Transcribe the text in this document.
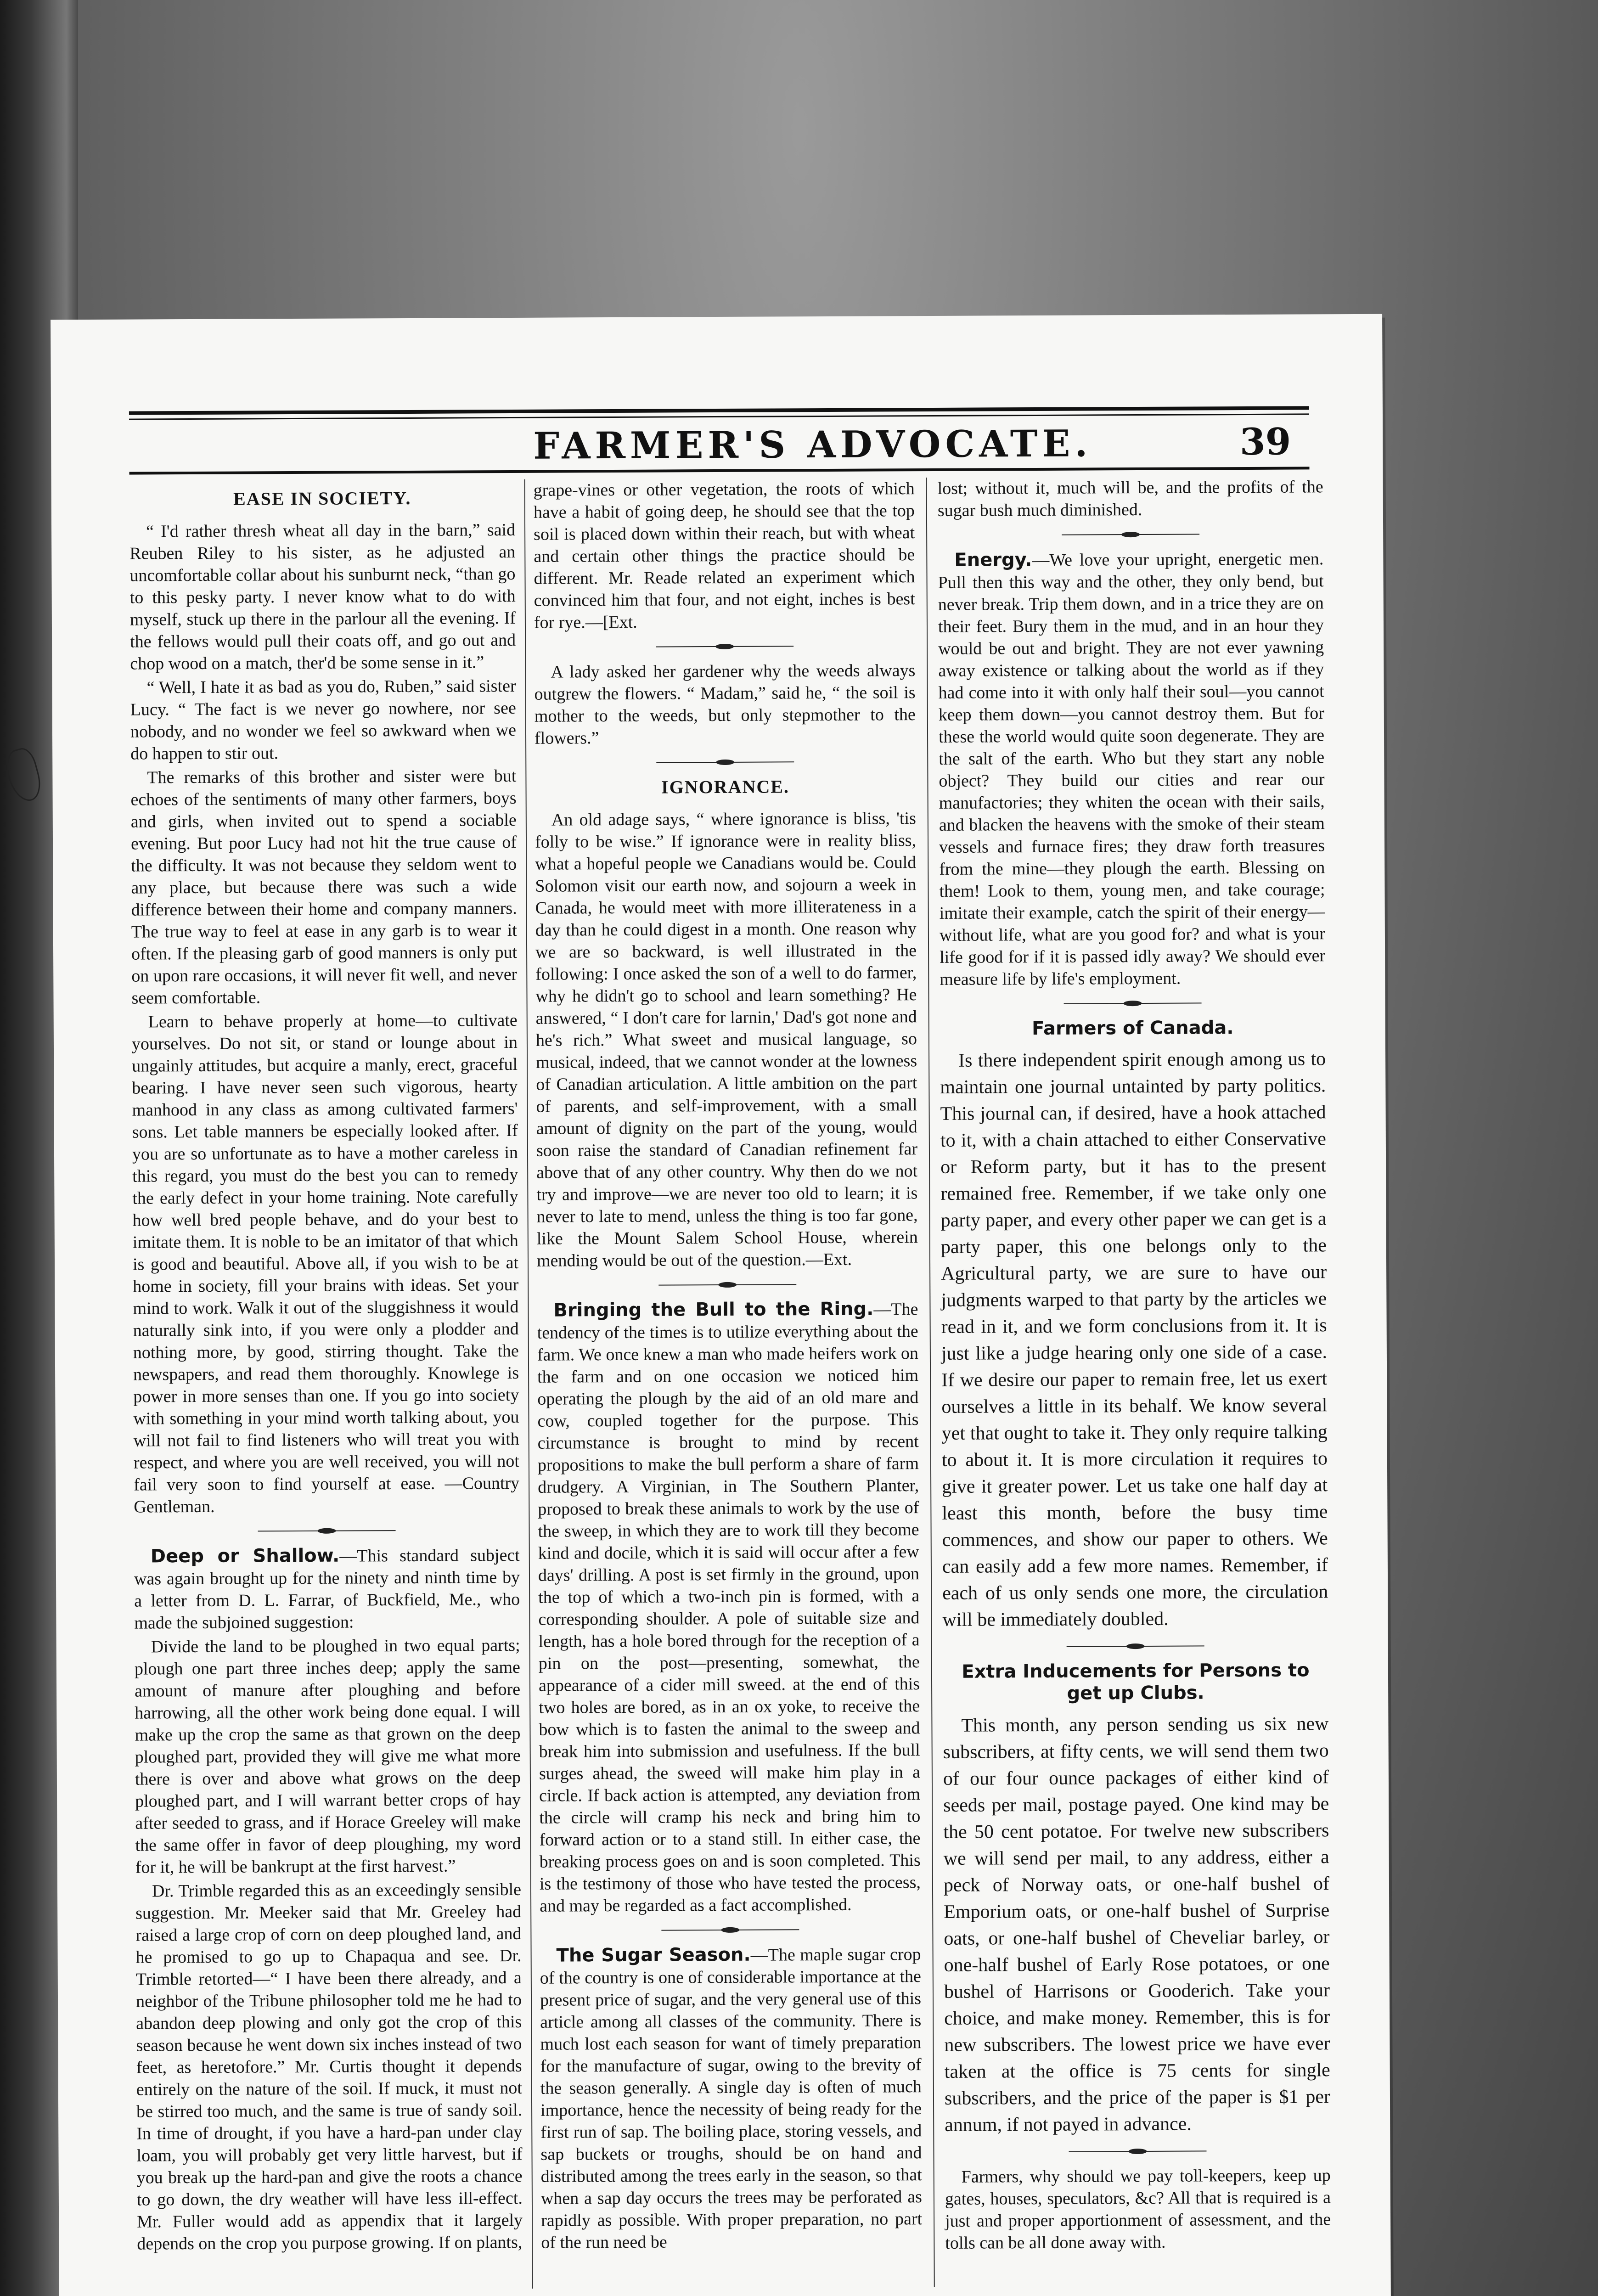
FARMER'S ADVOCATE.	39
EASE IN SOCIETY.

“ I'd rather thresh wheat all day in the barn,” said Reuben Riley to his sister, as he adjusted an uncomfortable collar about his sunburnt neck, “than go to this pesky party. I never know what to do with myself, stuck up there in the parlour all the evening. If the fellows would pull their coats off, and go out and chop wood on a match, ther'd be some sense in it.”

“ Well, I hate it as bad as you do, Ruben,” said sister Lucy. “ The fact is we never go nowhere, nor see nobody, and no wonder we feel so awkward when we do happen to stir out.

The remarks of this brother and sister were but echoes of the sentiments of many other farmers, boys and girls, when invited out to spend a sociable evening. But poor Lucy had not hit the true cause of the difficulty. It was not because they seldom went to any place, but because there was such a wide difference between their home and company manners. The true way to feel at ease in any garb is to wear it often. If the pleasing garb of good manners is only put on upon rare occasions, it will never fit well, and never seem comfortable.

Learn to behave properly at home—to cultivate yourselves. Do not sit, or stand or lounge about in ungainly attitudes, but acquire a manly, erect, graceful bearing. I have never seen such vigorous, hearty manhood in any class as among cultivated farmers' sons. Let table manners be especially looked after. If you are so unfortunate as to have a mother careless in this regard, you must do the best you can to remedy the early defect in your home training. Note carefully how well bred people behave, and do your best to imitate them. It is noble to be an imitator of that which is good and beautiful. Above all, if you wish to be at home in society, fill your brains with ideas. Set your mind to work. Walk it out of the sluggishness it would naturally sink into, if you were only a plodder and nothing more, by good, stirring thought. Take the newspapers, and read them thoroughly. Knowlege is power in more senses than one. If you go into society with something in your mind worth talking about, you will not fail to find listeners who will treat you with respect, and where you are well received, you will not fail very soon to find yourself at ease. —Country Gentleman.

Deep or Shallow.—This standard subject was again brought up for the ninety and ninth time by a letter from D. L. Farrar, of Buckfield, Me., who made the subjoined suggestion:

Divide the land to be ploughed in two equal parts; plough one part three inches deep; apply the same amount of manure after ploughing and before harrowing, all the other work being done equal. I will make up the crop the same as that grown on the deep ploughed part, provided they will give me what more there is over and above what grows on the deep ploughed part, and I will warrant better crops of hay after seeded to grass, and if Horace Greeley will make the same offer in favor of deep ploughing, my word for it, he will be bankrupt at the first harvest.”

Dr. Trimble regarded this as an exceedingly sensible suggestion. Mr. Meeker said that Mr. Greeley had raised a large crop of corn on deep ploughed land, and he promised to go up to Chapaqua and see. Dr. Trimble retorted—“ I have been there already, and a neighbor of the Tribune philosopher told me he had to abandon deep plowing and only got the crop of this season because he went down six inches instead of two feet, as heretofore.” Mr. Curtis thought it depends entirely on the nature of the soil. If muck, it must not be stirred too much, and the same is true of sandy soil. In time of drought, if you have a hard-pan under clay loam, you will probably get very little harvest, but if you break up the hard-pan and give the roots a chance to go down, the dry weather will have less ill-effect. Mr. Fuller would add as appendix that it largely depends on the crop you purpose growing. If on plants,

grape-vines or other vegetation, the roots of which have a habit of going deep, he should see that the top soil is placed down within their reach, but with wheat and certain other things the practice should be different. Mr. Reade related an experiment which convinced him that four, and not eight, inches is best for rye.—[Ext.

A lady asked her gardener why the weeds always outgrew the flowers. “ Madam,” said he, “ the soil is mother to the weeds, but only stepmother to the flowers.”

IGNORANCE.

An old adage says, “ where ignorance is bliss, 'tis folly to be wise.” If ignorance were in reality bliss, what a hopeful people we Canadians would be. Could Solomon visit our earth now, and sojourn a week in Canada, he would meet with more illiterateness in a day than he could digest in a month. One reason why we are so backward, is well illustrated in the following: I once asked the son of a well to do farmer, why he didn't go to school and learn something? He answered, “ I don't care for larnin,' Dad's got none and he's rich.” What sweet and musical language, so musical, indeed, that we cannot wonder at the lowness of Canadian articulation. A little ambition on the part of parents, and self-improvement, with a small amount of dignity on the part of the young, would soon raise the standard of Canadian refinement far above that of any other country. Why then do we not try and improve—we are never too old to learn; it is never to late to mend, unless the thing is too far gone, like the Mount Salem School House, wherein mending would be out of the question.—Ext.

Bringing the Bull to the Ring.—The tendency of the times is to utilize everything about the farm. We once knew a man who made heifers work on the farm and on one occasion we noticed him operating the plough by the aid of an old mare and cow, coupled together for the purpose. This circumstance is brought to mind by recent propositions to make the bull perform a share of farm drudgery. A Virginian, in The Southern Planter, proposed to break these animals to work by the use of the sweep, in which they are to work till they become kind and docile, which it is said will occur after a few days' drilling. A post is set firmly in the ground, upon the top of which a two-inch pin is formed, with a corresponding shoulder. A pole of suitable size and length, has a hole bored through for the reception of a pin on the post—presenting, somewhat, the appearance of a cider mill sweed. at the end of this two holes are bored, as in an ox yoke, to receive the bow which is to fasten the animal to the sweep and break him into submission and usefulness. If the bull surges ahead, the sweed will make him play in a circle. If back action is attempted, any deviation from the circle will cramp his neck and bring him to forward action or to a stand still. In either case, the breaking process goes on and is soon completed. This is the testimony of those who have tested the process, and may be regarded as a fact accomplished.

The Sugar Season.—The maple sugar crop of the country is one of considerable importance at the present price of sugar, and the very general use of this article among all classes of the community. There is much lost each season for want of timely preparation for the manufacture of sugar, owing to the brevity of the season generally. A single day is often of much importance, hence the necessity of being ready for the first run of sap. The boiling place, storing vessels, and sap buckets or troughs, should be on hand and distributed among the trees early in the season, so that when a sap day occurs the trees may be perforated as rapidly as possible. With proper preparation, no part of the run need be

lost; without it, much will be, and the profits of the sugar bush much diminished.

Energy.—We love your upright, energetic men. Pull then this way and the other, they only bend, but never break. Trip them down, and in a trice they are on their feet. Bury them in the mud, and in an hour they would be out and bright. They are not ever yawning away existence or talking about the world as if they had come into it with only half their soul—you cannot keep them down—you cannot destroy them. But for these the world would quite soon degenerate. They are the salt of the earth. Who but they start any noble object? They build our cities and rear our manufactories; they whiten the ocean with their sails, and blacken the heavens with the smoke of their steam vessels and furnace fires; they draw forth treasures from the mine—they plough the earth. Blessing on them! Look to them, young men, and take courage; imitate their example, catch the spirit of their energy—without life, what are you good for? and what is your life good for if it is passed idly away? We should ever measure life by life's employment.

Farmers of Canada.

Is there independent spirit enough among us to maintain one journal untainted by party politics. This journal can, if desired, have a hook attached to it, with a chain attached to either Conservative or Reform party, but it has to the present remained free. Remember, if we take only one party paper, and every other paper we can get is a party paper, this one belongs only to the Agricultural party, we are sure to have our judgments warped to that party by the articles we read in it, and we form conclusions from it. It is just like a judge hearing only one side of a case. If we desire our paper to remain free, let us exert ourselves a little in its behalf. We know several yet that ought to take it. They only require talking to about it. It is more circulation it requires to give it greater power. Let us take one half day at least this month, before the busy time commences, and show our paper to others. We can easily add a few more names. Remember, if each of us only sends one more, the circulation will be immediately doubled.

Extra Inducements for Persons to get up Clubs.

This month, any person sending us six new subscribers, at fifty cents, we will send them two of our four ounce packages of either kind of seeds per mail, postage payed. One kind may be the 50 cent potatoe. For twelve new subscribers we will send per mail, to any address, either a peck of Norway oats, or one-half bushel of Emporium oats, or one-half bushel of Surprise oats, or one-half bushel of Cheveliar barley, or one-half bushel of Early Rose potatoes, or one bushel of Harrisons or Gooderich. Take your choice, and make money. Remember, this is for new subscribers. The lowest price we have ever taken at the office is 75 cents for single subscribers, and the price of the paper is $1 per annum, if not payed in advance.

Farmers, why should we pay toll-keepers, keep up gates, houses, speculators, &c? All that is required is a just and proper apportionment of assessment, and the tolls can be all done away with.
